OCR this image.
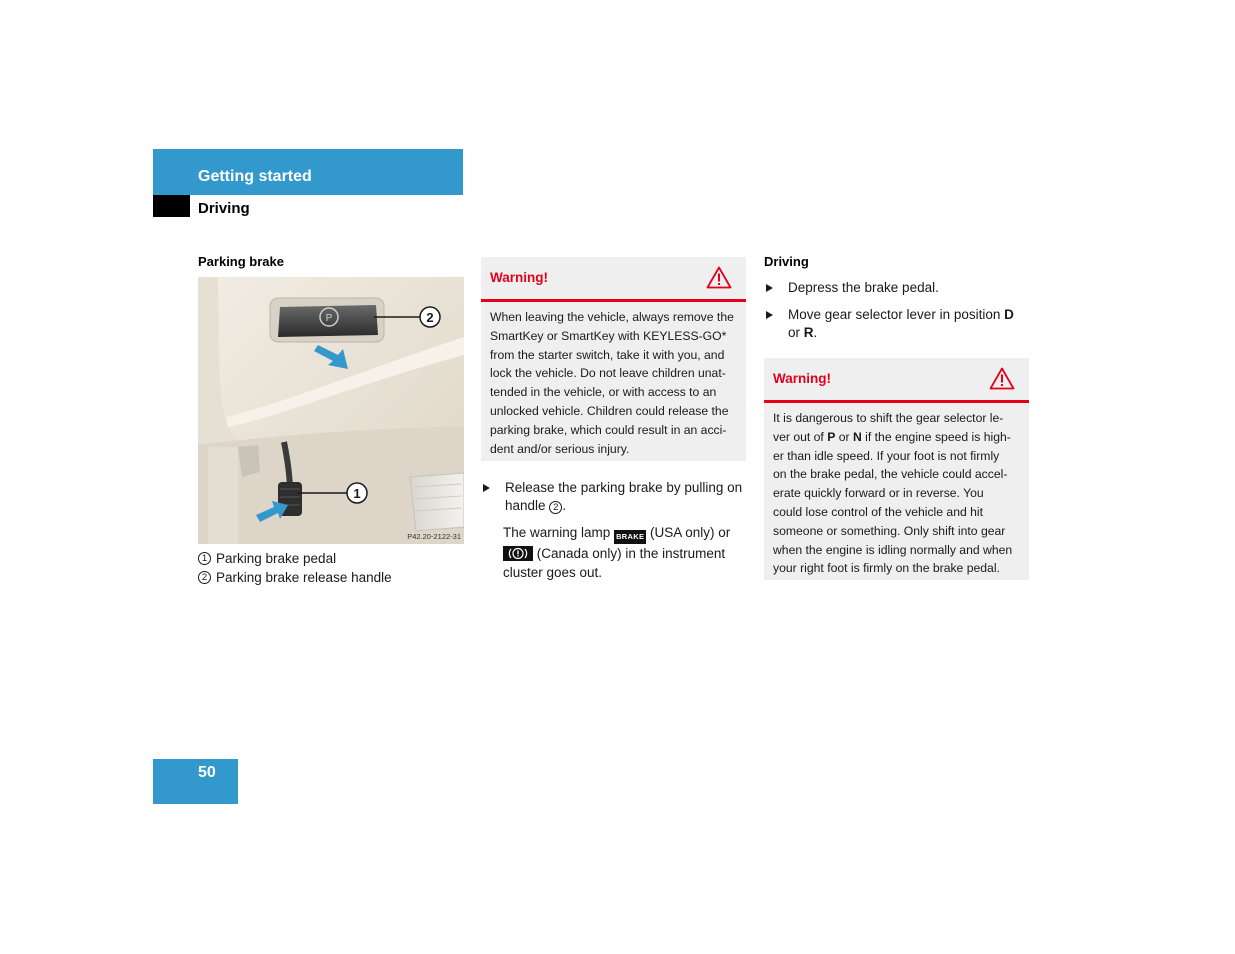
Getting started
Driving
Parking brake
P	2
1
P42.20-2122-31
1 Parking brake pedal
2 Parking brake release handle
Warning!
When leaving the vehicle, always remove the
SmartKey or SmartKey with KEYLESS-GO*
from the starter switch, take it with you, and
lock the vehicle. Do not leave children unat-
tended in the vehicle, or with access to an
unlocked vehicle. Children could release the
parking brake, which could result in an acci-
dent and/or serious injury.
Release the parking brake by pulling on
handle 2 .
The warning lamp BRAKE (USA only) or
(Canada only) in the instrument
cluster goes out.
Driving
Depress the brake pedal.
Move gear selector lever in position D
or R.
Warning!
It is dangerous to shift the gear selector le-
ver out of P or N if the engine speed is high-
er than idle speed. If your foot is not firmly
on the brake pedal, the vehicle could accel-
erate quickly forward or in reverse. You
could lose control of the vehicle and hit
someone or something. Only shift into gear
when the engine is idling normally and when
your right foot is firmly on the brake pedal.
50
